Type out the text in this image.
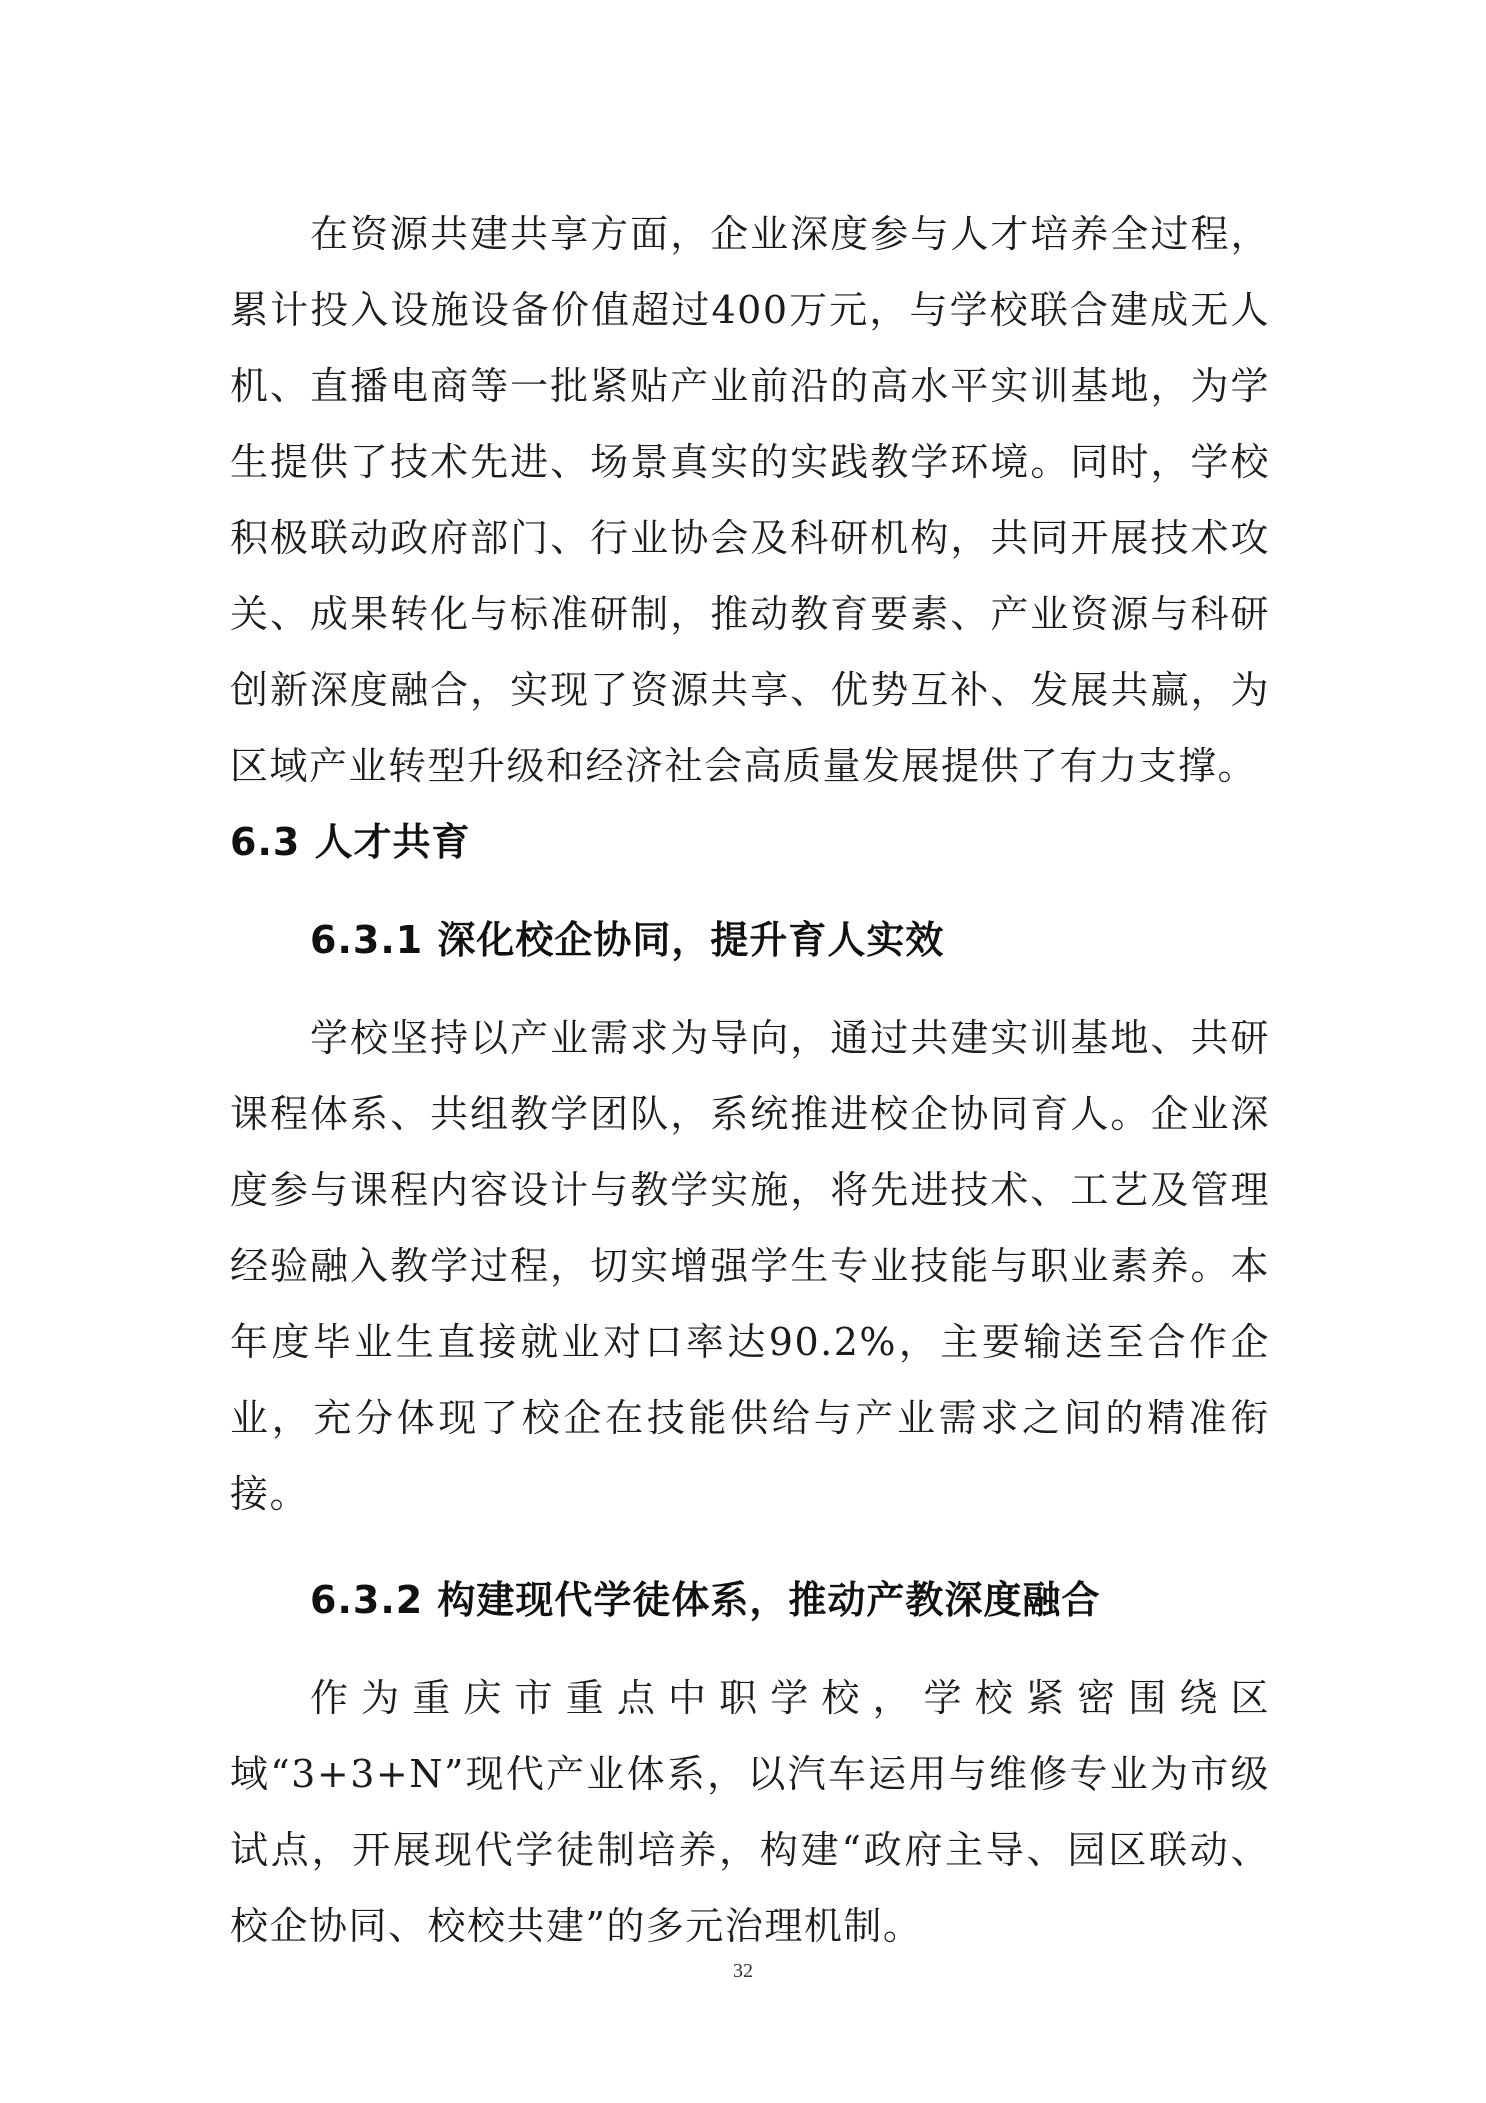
在资源共建共享方面，企业深度参与人才培养全过程，累计投入设施设备价值超过400万元，与学校联合建成无人机、直播电商等一批紧贴产业前沿的高水平实训基地，为学生提供了技术先进、场景真实的实践教学环境。同时，学校积极联动政府部门、行业协会及科研机构，共同开展技术攻关、成果转化与标准研制，推动教育要素、产业资源与科研创新深度融合，实现了资源共享、优势互补、发展共赢，为区域产业转型升级和经济社会高质量发展提供了有力支撑。

6.3 人才共育
6.3.1 深化校企协同，提升育人实效

学校坚持以产业需求为导向，通过共建实训基地、共研课程体系、共组教学团队，系统推进校企协同育人。企业深度参与课程内容设计与教学实施，将先进技术、工艺及管理经验融入教学过程，切实增强学生专业技能与职业素养。本年度毕业生直接就业对口率达90.2%，主要输送至合作企业，充分体现了校企在技能供给与产业需求之间的精准衔接。

6.3.2 构建现代学徒体系，推动产教深度融合

作为重庆市重点中职学校，学校紧密围绕区域“3+3+N”现代产业体系，以汽车运用与维修专业为市级试点，开展现代学徒制培养，构建“政府主导、园区联动、校企协同、校校共建”的多元治理机制。

32
